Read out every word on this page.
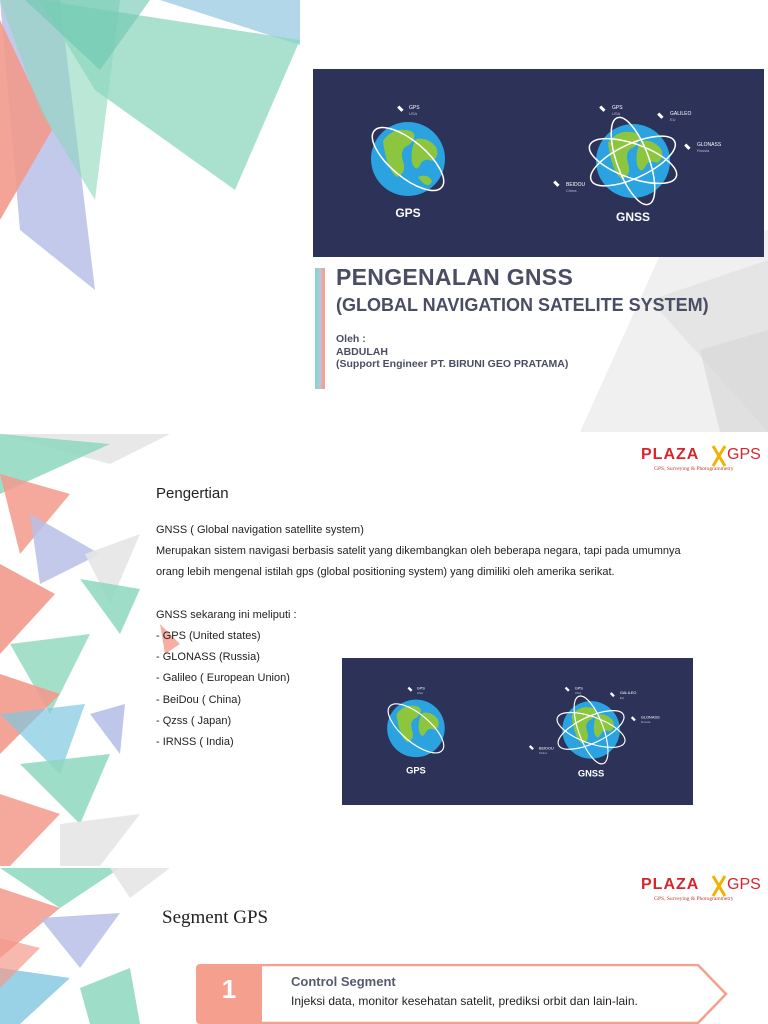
GPS
USA
GPS
GPS
USA	GALILEO
EU
GLONASS
Russia
BEIDOU
China
GNSS
PENGENALAN GNSS
(GLOBAL NAVIGATION SATELITE SYSTEM)
Oleh :
ABDULAH
(Support Engineer PT. BIRUNI GEO PRATAMA)
PLAZA GPS
GPS, Surveying & Photogrammetry
Pengertian
GNSS ( Global navigation satellite system)
Merupakan sistem navigasi berbasis satelit yang dikembangkan oleh beberapa negara, tapi pada umumnya
orang lebih mengenal istilah gps (global positioning system) yang dimiliki oleh amerika serikat.
GNSS sekarang ini meliputi :
- GPS (United states)
- GLONASS (Russia)
- Galileo ( European Union)
- BeiDou ( China)
- Qzss ( Japan)
- IRNSS ( India)
GPS
USA
GPS
GPS
USA	GALILEO
EU
GLONASS
Russia
BEIDOU
China
GNSS
PLAZA GPS
GPS, Surveying & Photogrammetry
Segment GPS
1	Control Segment
Injeksi data, monitor kesehatan satelit, prediksi orbit dan lain-lain.
